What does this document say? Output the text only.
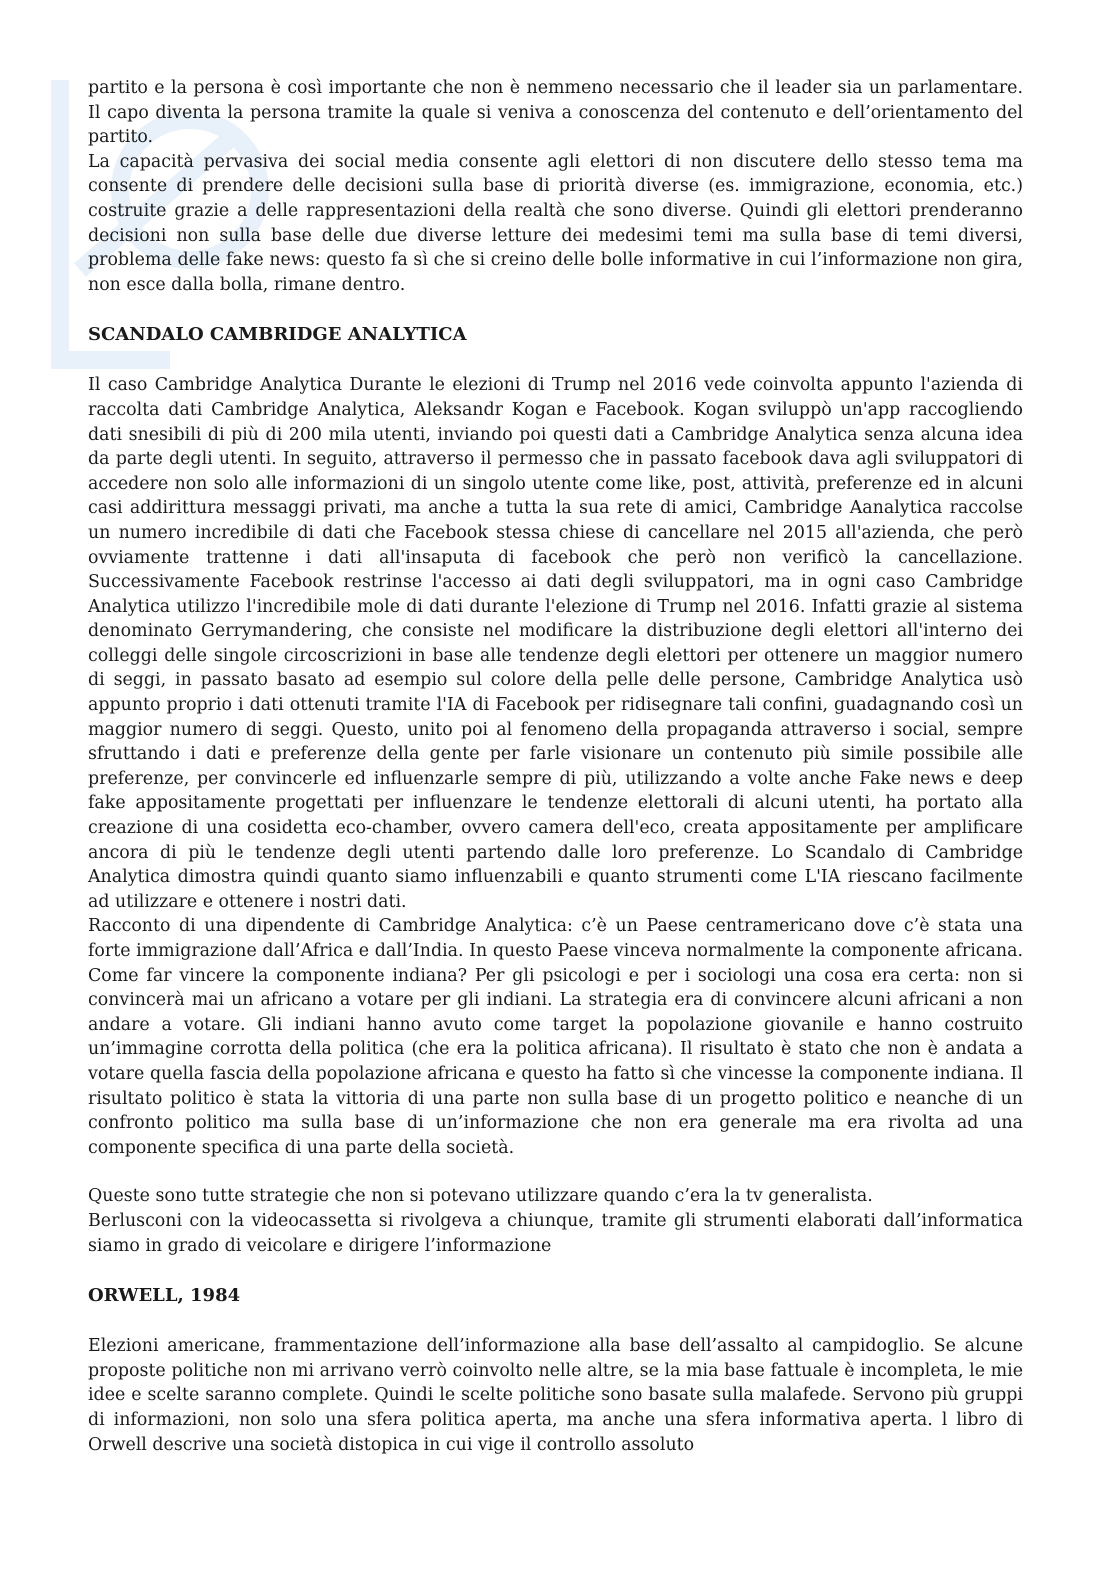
partito e la persona è così importante che non è nemmeno necessario che il leader sia un parlamentare. Il capo diventa la persona tramite la quale si veniva a conoscenza del contenuto e dell’orientamento del partito.

La capacità pervasiva dei social media consente agli elettori di non discutere dello stesso tema ma consente di prendere delle decisioni sulla base di priorità diverse (es. immigrazione, economia, etc.) costruite grazie a delle rappresentazioni della realtà che sono diverse. Quindi gli elettori prenderanno decisioni non sulla base delle due diverse letture dei medesimi temi ma sulla base di temi diversi, problema delle fake news: questo fa sì che si creino delle bolle informative in cui l’informazione non gira, non esce dalla bolla, rimane dentro.

SCANDALO CAMBRIDGE ANALYTICA

Il caso Cambridge Analytica Durante le elezioni di Trump nel 2016 vede coinvolta appunto l'azienda di raccolta dati Cambridge Analytica, Aleksandr Kogan e Facebook. Kogan sviluppò un'app raccogliendo dati snesibili di più di 200 mila utenti, inviando poi questi dati a Cambridge Analytica senza alcuna idea da parte degli utenti. In seguito, attraverso il permesso che in passato facebook dava agli sviluppatori di accedere non solo alle informazioni di un singolo utente come like, post, attività, preferenze ed in alcuni casi addirittura messaggi privati, ma anche a tutta la sua rete di amici, Cambridge Aanalytica raccolse un numero incredibile di dati che Facebook stessa chiese di cancellare nel 2015 all'azienda, che però ovviamente trattenne i dati all'insaputa di facebook che però non verificò la cancellazione. Successivamente Facebook restrinse l'accesso ai dati degli sviluppatori, ma in ogni caso Cambridge Analytica utilizzo l'incredibile mole di dati durante l'elezione di Trump nel 2016. Infatti grazie al sistema denominato Gerrymandering, che consiste nel modificare la distribuzione degli elettori all'interno dei colleggi delle singole circoscrizioni in base alle tendenze degli elettori per ottenere un maggior numero di seggi, in passato basato ad esempio sul colore della pelle delle persone, Cambridge Analytica usò appunto proprio i dati ottenuti tramite l'IA di Facebook per ridisegnare tali confini, guadagnando così un maggior numero di seggi. Questo, unito poi al fenomeno della propaganda attraverso i social, sempre sfruttando i dati e preferenze della gente per farle visionare un contenuto più simile possibile alle preferenze, per convincerle ed influenzarle sempre di più, utilizzando a volte anche Fake news e deep fake appositamente progettati per influenzare le tendenze elettorali di alcuni utenti, ha portato alla creazione di una cosidetta eco-chamber, ovvero camera dell'eco, creata appositamente per amplificare ancora di più le tendenze degli utenti partendo dalle loro preferenze. Lo Scandalo di Cambridge Analytica dimostra quindi quanto siamo influenzabili e quanto strumenti come L'IA riescano facilmente ad utilizzare e ottenere i nostri dati.

Racconto di una dipendente di Cambridge Analytica: c’è un Paese centramericano dove c’è stata una forte immigrazione dall’Africa e dall’India. In questo Paese vinceva normalmente la componente africana. Come far vincere la componente indiana? Per gli psicologi e per i sociologi una cosa era certa: non si convincerà mai un africano a votare per gli indiani. La strategia era di convincere alcuni africani a non andare a votare. Gli indiani hanno avuto come target la popolazione giovanile e hanno costruito un’immagine corrotta della politica (che era la politica africana). Il risultato è stato che non è andata a votare quella fascia della popolazione africana e questo ha fatto sì che vincesse la componente indiana. Il risultato politico è stata la vittoria di una parte non sulla base di un progetto politico e neanche di un confronto politico ma sulla base di un’informazione che non era generale ma era rivolta ad una componente specifica di una parte della società.

Queste sono tutte strategie che non si potevano utilizzare quando c’era la tv generalista.

Berlusconi con la videocassetta si rivolgeva a chiunque, tramite gli strumenti elaborati dall’informatica siamo in grado di veicolare e dirigere l’informazione

ORWELL, 1984

Elezioni americane, frammentazione dell’informazione alla base dell’assalto al campidoglio. Se alcune proposte politiche non mi arrivano verrò coinvolto nelle altre, se la mia base fattuale è incompleta, le mie idee e scelte saranno complete. Quindi le scelte politiche sono basate sulla malafede. Servono più gruppi di informazioni, non solo una sfera politica aperta, ma anche una sfera informativa aperta. l libro di Orwell descrive una società distopica in cui vige il controllo assoluto
